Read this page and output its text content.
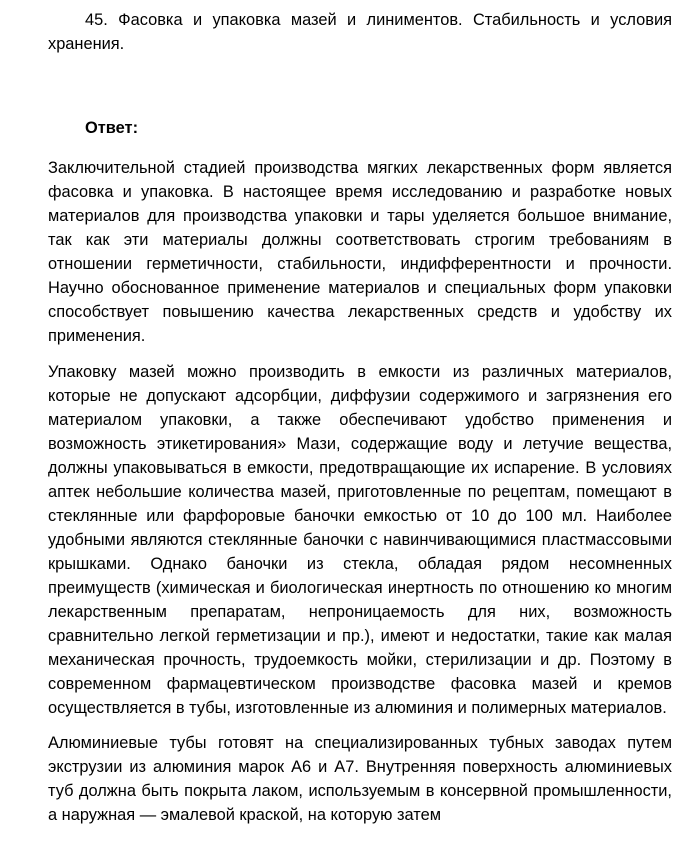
45. Фасовка и упаковка мазей и линиментов. Стабильность и условия хранения.

Ответ:

Заключительной стадией производства мягких лекарственных форм является фасовка и упаковка. В настоящее время исследованию и разработке новых материалов для производства упаковки и тары уделяется большое внимание, так как эти материалы должны соответствовать строгим требованиям в отношении герметичности, стабильности, индифферентности и прочности. Научно обоснованное применение материалов и специальных форм упаковки способствует повышению качества лекарственных средств и удобству их применения.

Упаковку мазей можно производить в емкости из различных материалов, которые не допускают адсорбции, диффузии содержимого и загрязнения его материалом упаковки, а также обеспечивают удобство применения и возможность этикетирования» Мази, содержащие воду и летучие вещества, должны упаковываться в емкости, предотвращающие их испарение. В условиях аптек небольшие количества мазей, приготовленные по рецептам, помещают в стеклянные или фарфоровые баночки емкостью от 10 до 100 мл. Наиболее удобными являются стеклянные баночки с навинчивающимися пластмассовыми крышками. Однако баночки из стекла, обладая рядом несомненных преимуществ (химическая и биологическая инертность по отношению ко многим лекарственным препаратам, непроницаемость для них, возможность сравнительно легкой герметизации и пр.), имеют и недостатки, такие как малая механическая прочность, трудоемкость мойки, стерилизации и др. Поэтому в современном фармацевтическом производстве фасовка мазей и кремов осуществляется в тубы, изготовленные из алюминия и полимерных материалов.

Алюминиевые тубы готовят на специализированных тубных заводах путем экструзии из алюминия марок А6 и А7. Внутренняя поверхность алюминиевых туб должна быть покрыта лаком, используемым в консервной промышленности, а наружная — эмалевой краской, на которую затем
